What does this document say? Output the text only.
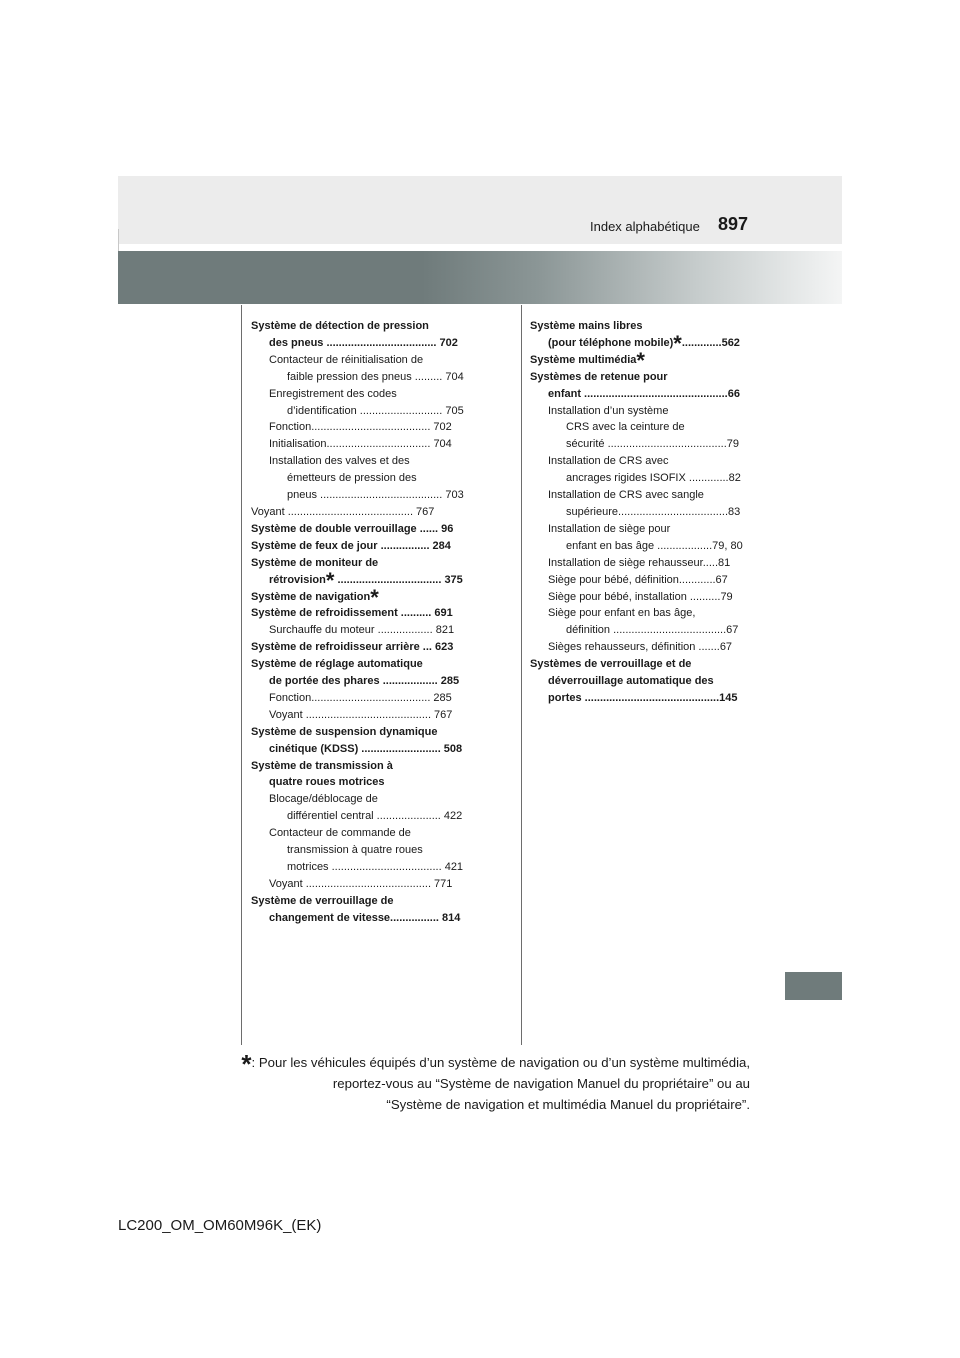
Index alphabétique 897
Système de détection de pression
des pneus .................................... 702
Contacteur de réinitialisation de
faible pression des pneus ......... 704
Enregistrement des codes
d’identification ........................... 705
Fonction....................................... 702
Initialisation.................................. 704
Installation des valves et des
émetteurs de pression des
pneus ........................................ 703
Voyant ......................................... 767
Système de double verrouillage ...... 96
Système de feux de jour ................ 284
Système de moniteur de
rétrovision* .................................. 375
Système de navigation*
Système de refroidissement .......... 691
Surchauffe du moteur .................. 821
Système de refroidisseur arrière ... 623
Système de réglage automatique
de portée des phares .................. 285
Fonction....................................... 285
Voyant ......................................... 767
Système de suspension dynamique
cinétique (KDSS) .......................... 508
Système de transmission à
quatre roues motrices
Blocage/déblocage de
différentiel central ..................... 422
Contacteur de commande de
transmission à quatre roues
motrices .................................... 421
Voyant ......................................... 771
Système de verrouillage de
changement de vitesse................ 814
Système mains libres
(pour téléphone mobile)*.............562
Système multimédia*
Systèmes de retenue pour
enfant ...............................................66
Installation d’un système
CRS avec la ceinture de
sécurité .......................................79
Installation de CRS avec
ancrages rigides ISOFIX .............82
Installation de CRS avec sangle
supérieure....................................83
Installation de siège pour
enfant en bas âge ..................79, 80
Installation de siège rehausseur.....81
Siège pour bébé, définition............67
Siège pour bébé, installation ..........79
Siège pour enfant en bas âge,
définition .....................................67
Sièges rehausseurs, définition .......67
Systèmes de verrouillage et de
déverrouillage automatique des
portes ............................................145
*: Pour les véhicules équipés d’un système de navigation ou d’un système multimédia,
reportez-vous au “Système de navigation Manuel du propriétaire” ou au
“Système de navigation et multimédia Manuel du propriétaire”.
LC200_OM_OM60M96K_(EK)
